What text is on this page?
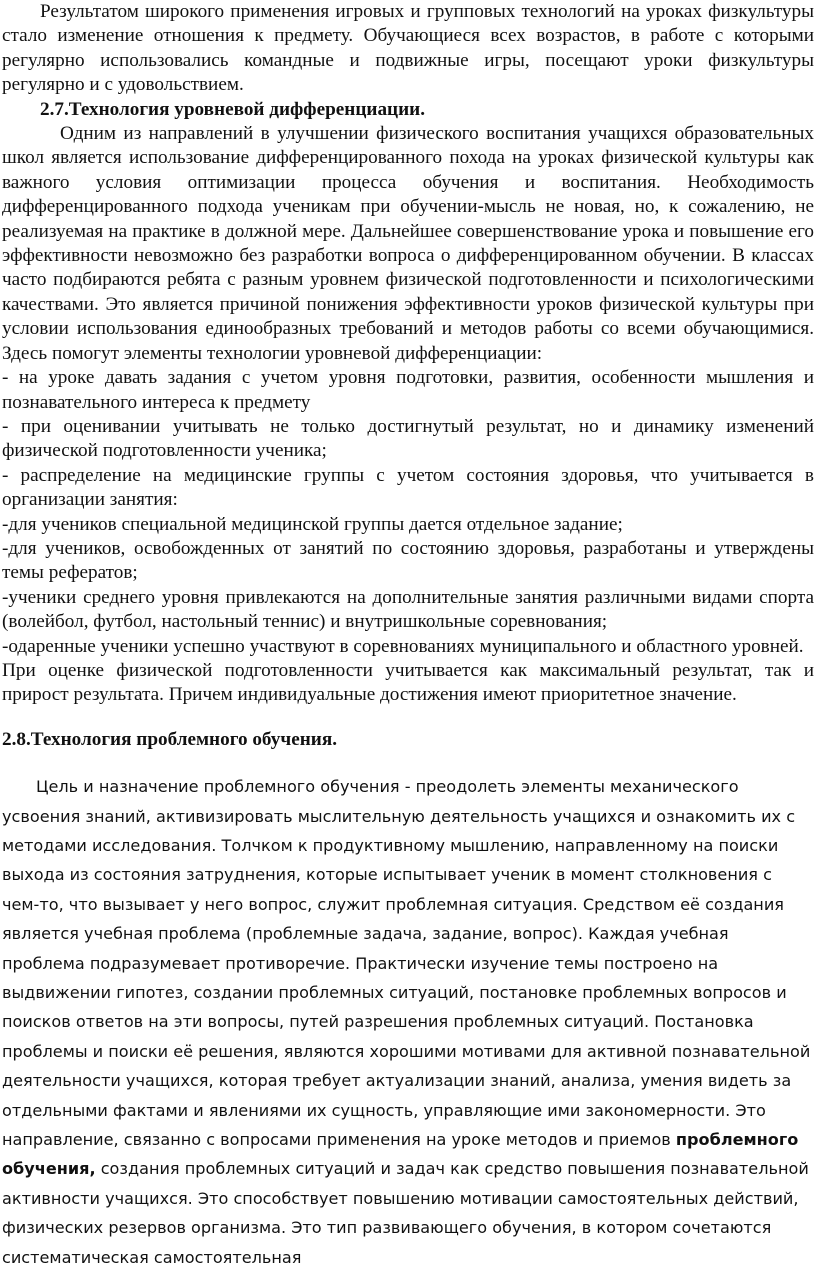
Результатом широкого применения игровых и групповых технологий на уроках физкультуры стало изменение отношения к предмету. Обучающиеся всех возрастов, в работе с которыми регулярно использовались командные и подвижные игры, посещают уроки физкультуры регулярно и с удовольствием.

2.7.Технология уровневой дифференциации.

Одним из направлений в улучшении физического воспитания учащихся образовательных школ является использование дифференцированного похода на уроках физической культуры как важного условия оптимизации процесса обучения и воспитания. Необходимость дифференцированного подхода ученикам при обучении-мысль не новая, но, к сожалению, не реализуемая на практике в должной мере. Дальнейшее совершенствование урока и повышение его эффективности невозможно без разработки вопроса о дифференцированном обучении. В классах часто подбираются ребята с разным уровнем физической подготовленности и психологическими качествами. Это является причиной понижения эффективности уроков физической культуры при условии использования единообразных требований и методов работы со всеми обучающимися. Здесь помогут элементы технологии уровневой дифференциации:

- на уроке давать задания с учетом уровня подготовки, развития, особенности мышления и познавательного интереса к предмету

- при оценивании учитывать не только достигнутый результат, но и динамику изменений физической подготовленности ученика;

- распределение на медицинские группы с учетом состояния здоровья, что учитывается в организации занятия:

-для учеников специальной медицинской группы дается отдельное задание;

-для учеников, освобожденных от занятий по состоянию здоровья, разработаны и утверждены темы рефератов;

-ученики среднего уровня привлекаются на дополнительные занятия различными видами спорта (волейбол, футбол, настольный теннис) и внутришкольные соревнования;

-одаренные ученики успешно участвуют в соревнованиях муниципального и областного уровней.

При оценке физической подготовленности учитывается как максимальный результат, так и прирост результата. Причем индивидуальные достижения имеют приоритетное значение.

2.8.Технология проблемного обучения.

Цель и назначение проблемного обучения - преодолеть элементы механического усвоения знаний, активизировать мыслительную деятельность учащихся и ознакомить их с методами исследования. Толчком к продуктивному мышлению, направленному на поиски выхода из состояния затруднения, которые испытывает ученик в момент столкновения с чем-то, что вызывает у него вопрос, служит проблемная ситуация. Средством её создания является учебная проблема (проблемные задача, задание, вопрос). Каждая учебная проблема подразумевает противоречие. Практически изучение темы построено на выдвижении гипотез, создании проблемных ситуаций, постановке проблемных вопросов и поисков ответов на эти вопросы, путей разрешения проблемных ситуаций. Постановка проблемы и поиски её решения, являются хорошими мотивами для активной познавательной деятельности учащихся, которая требует актуализации знаний, анализа, умения видеть за отдельными фактами и явлениями их сущность, управляющие ими закономерности. Это направление, связанно с вопросами применения на уроке методов и приемов проблемного обучения, создания проблемных ситуаций и задач как средство повышения познавательной активности учащихся. Это способствует повышению мотивации самостоятельных действий, физических резервов организма. Это тип развивающего обучения, в котором сочетаются систематическая самостоятельная
